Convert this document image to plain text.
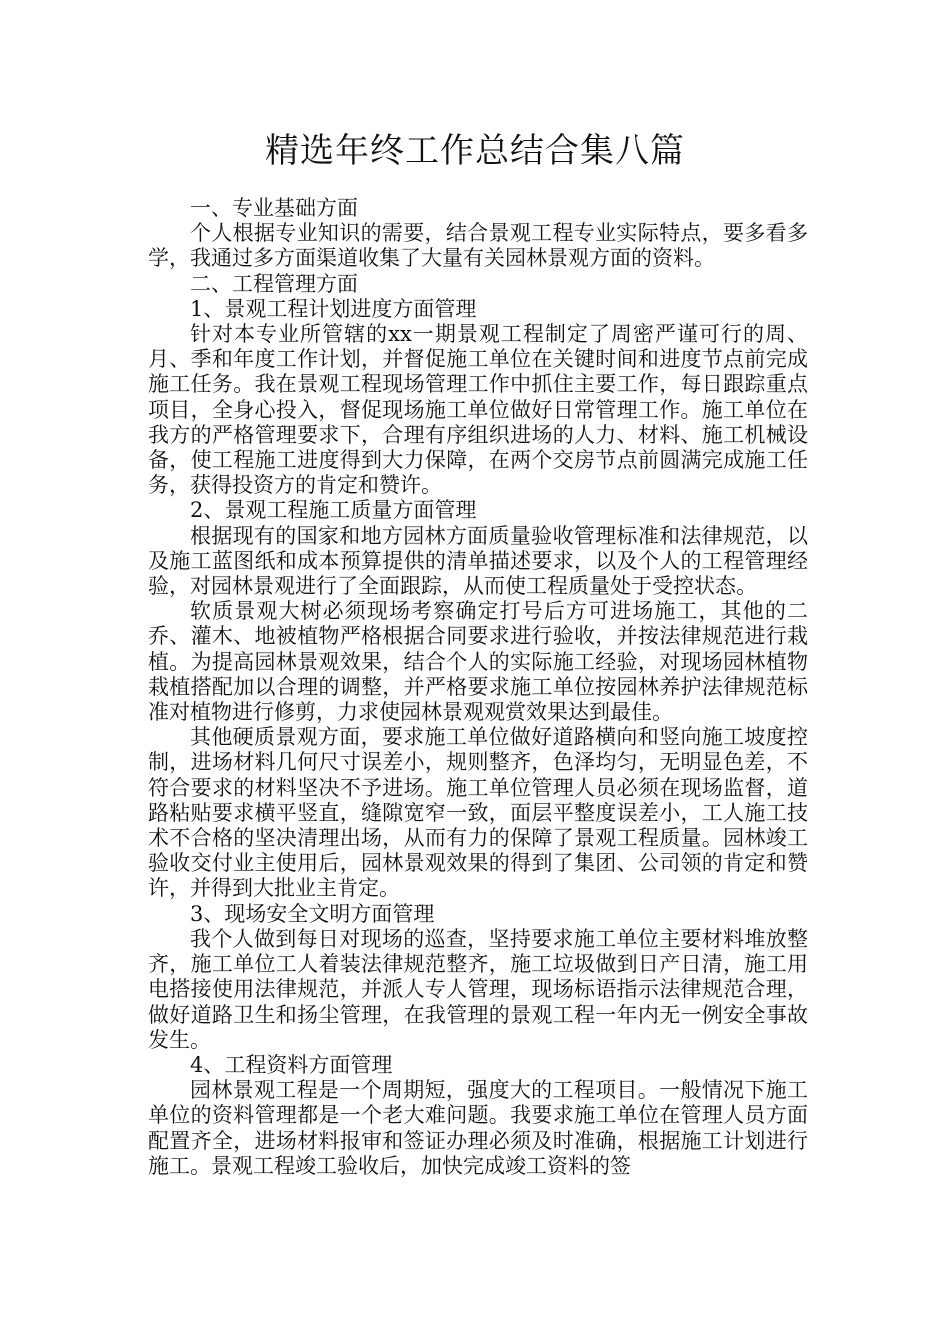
精选年终工作总结合集八篇

一、专业基础方面

个人根据专业知识的需要，结合景观工程专业实际特点，要多看多学，我通过多方面渠道收集了大量有关园林景观方面的资料。

二、工程管理方面

1、景观工程计划进度方面管理

针对本专业所管辖的xx一期景观工程制定了周密严谨可行的周、月、季和年度工作计划，并督促施工单位在关键时间和进度节点前完成施工任务。我在景观工程现场管理工作中抓住主要工作，每日跟踪重点项目，全身心投入，督促现场施工单位做好日常管理工作。施工单位在我方的严格管理要求下，合理有序组织进场的人力、材料、施工机械设备，使工程施工进度得到大力保障，在两个交房节点前圆满完成施工任务，获得投资方的肯定和赞许。

2、景观工程施工质量方面管理

根据现有的国家和地方园林方面质量验收管理标准和法律规范，以及施工蓝图纸和成本预算提供的清单描述要求，以及个人的工程管理经验，对园林景观进行了全面跟踪，从而使工程质量处于受控状态。

软质景观大树必须现场考察确定打号后方可进场施工，其他的二乔、灌木、地被植物严格根据合同要求进行验收，并按法律规范进行栽植。为提高园林景观效果，结合个人的实际施工经验，对现场园林植物栽植搭配加以合理的调整，并严格要求施工单位按园林养护法律规范标准对植物进行修剪，力求使园林景观观赏效果达到最佳。

其他硬质景观方面，要求施工单位做好道路横向和竖向施工坡度控制，进场材料几何尺寸误差小，规则整齐，色泽均匀，无明显色差，不符合要求的材料坚决不予进场。施工单位管理人员必须在现场监督，道路粘贴要求横平竖直，缝隙宽窄一致，面层平整度误差小，工人施工技术不合格的坚决清理出场，从而有力的保障了景观工程质量。园林竣工验收交付业主使用后，园林景观效果的得到了集团、公司领的肯定和赞许，并得到大批业主肯定。

3、现场安全文明方面管理

我个人做到每日对现场的巡查，坚持要求施工单位主要材料堆放整齐，施工单位工人着装法律规范整齐，施工垃圾做到日产日清，施工用电搭接使用法律规范，并派人专人管理，现场标语指示法律规范合理，做好道路卫生和扬尘管理，在我管理的景观工程一年内无一例安全事故发生。

4、工程资料方面管理

园林景观工程是一个周期短，强度大的工程项目。一般情况下施工单位的资料管理都是一个老大难问题。我要求施工单位在管理人员方面配置齐全，进场材料报审和签证办理必须及时准确，根据施工计划进行施工。景观工程竣工验收后，加快完成竣工资料的签
